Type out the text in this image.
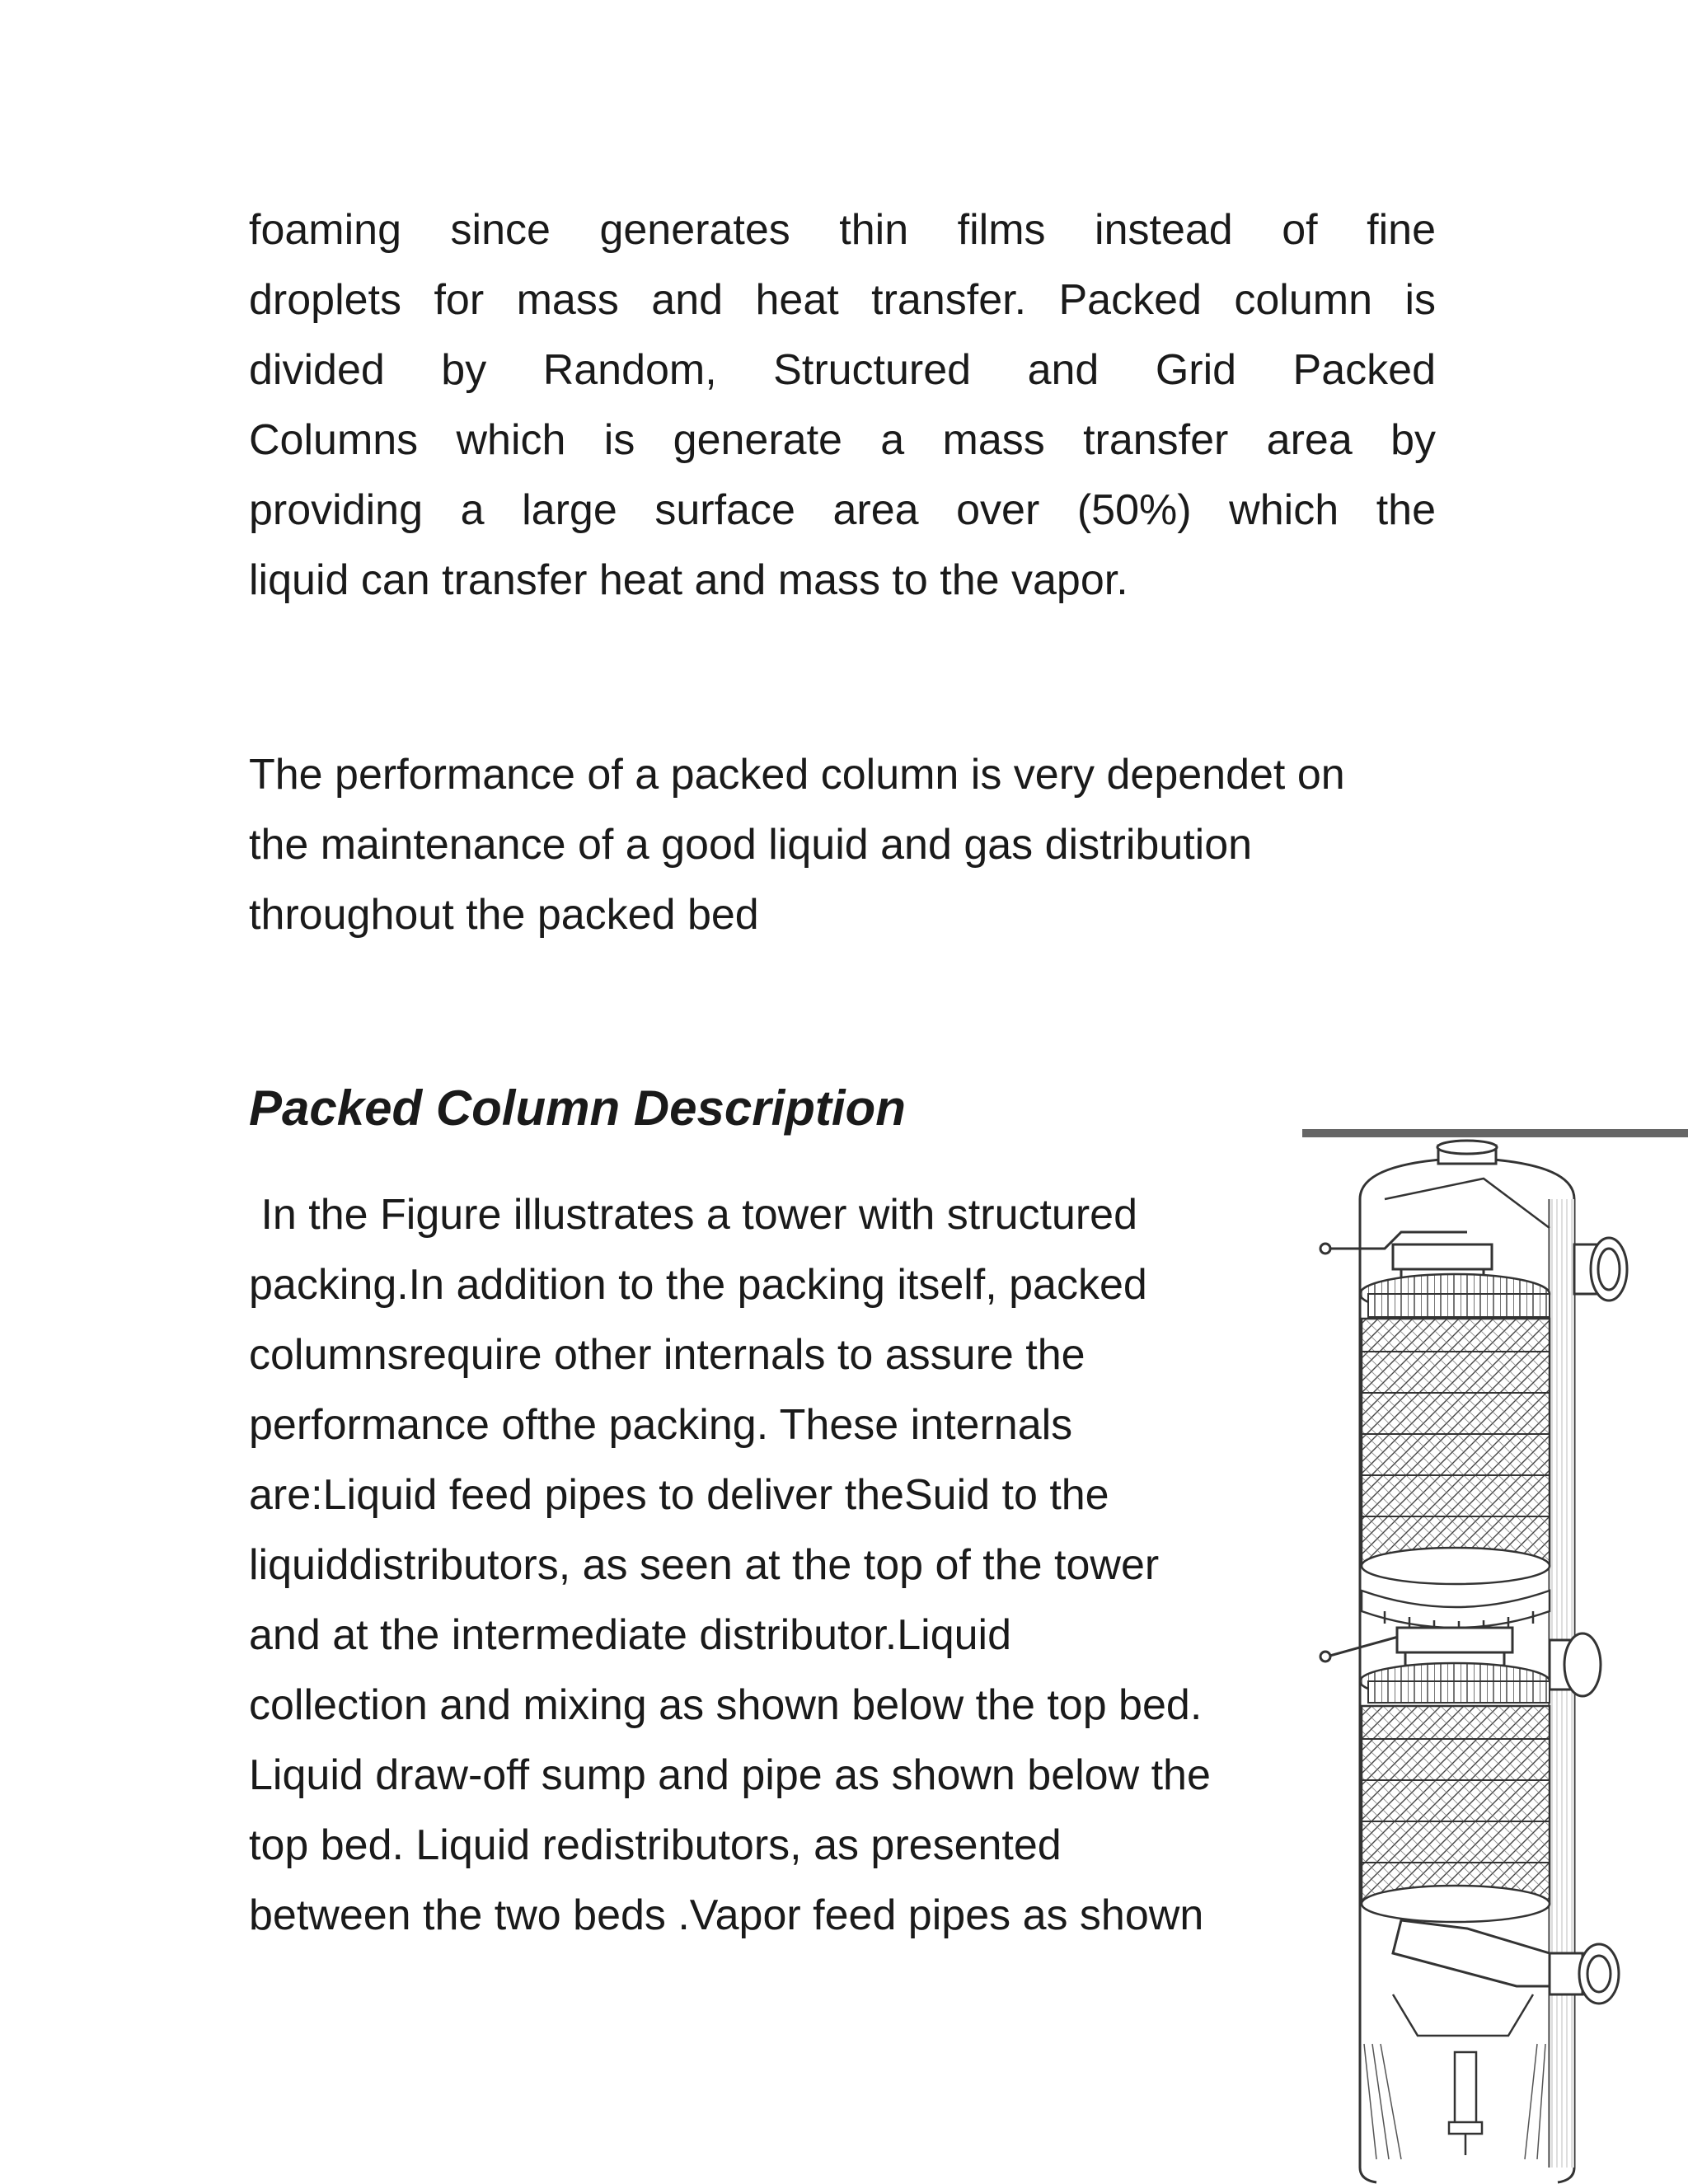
foaming since generates thin films instead of fine
droplets for mass and heat transfer. Packed column is
divided by Random, Structured and Grid Packed
Columns which is generate a mass transfer area by
providing a large surface area over (50%) which the
liquid can transfer heat and mass to the vapor.
The performance of a packed column is very dependet on
the maintenance of a good liquid and gas distribution
throughout the packed bed
Packed Column Description
In the Figure illustrates a tower with structured
packing.In addition to the packing itself, packed
columnsrequire other internals to assure the
performance ofthe packing. These internals
are:Liquid feed pipes to deliver theSuid to the
liquiddistributors, as seen at the top of the tower
and at the intermediate distributor.Liquid
collection and mixing as shown below the top bed.
Liquid draw-off sump and pipe as shown below the
top bed. Liquid redistributors, as presented
between the two beds .Vapor feed pipes as shown
